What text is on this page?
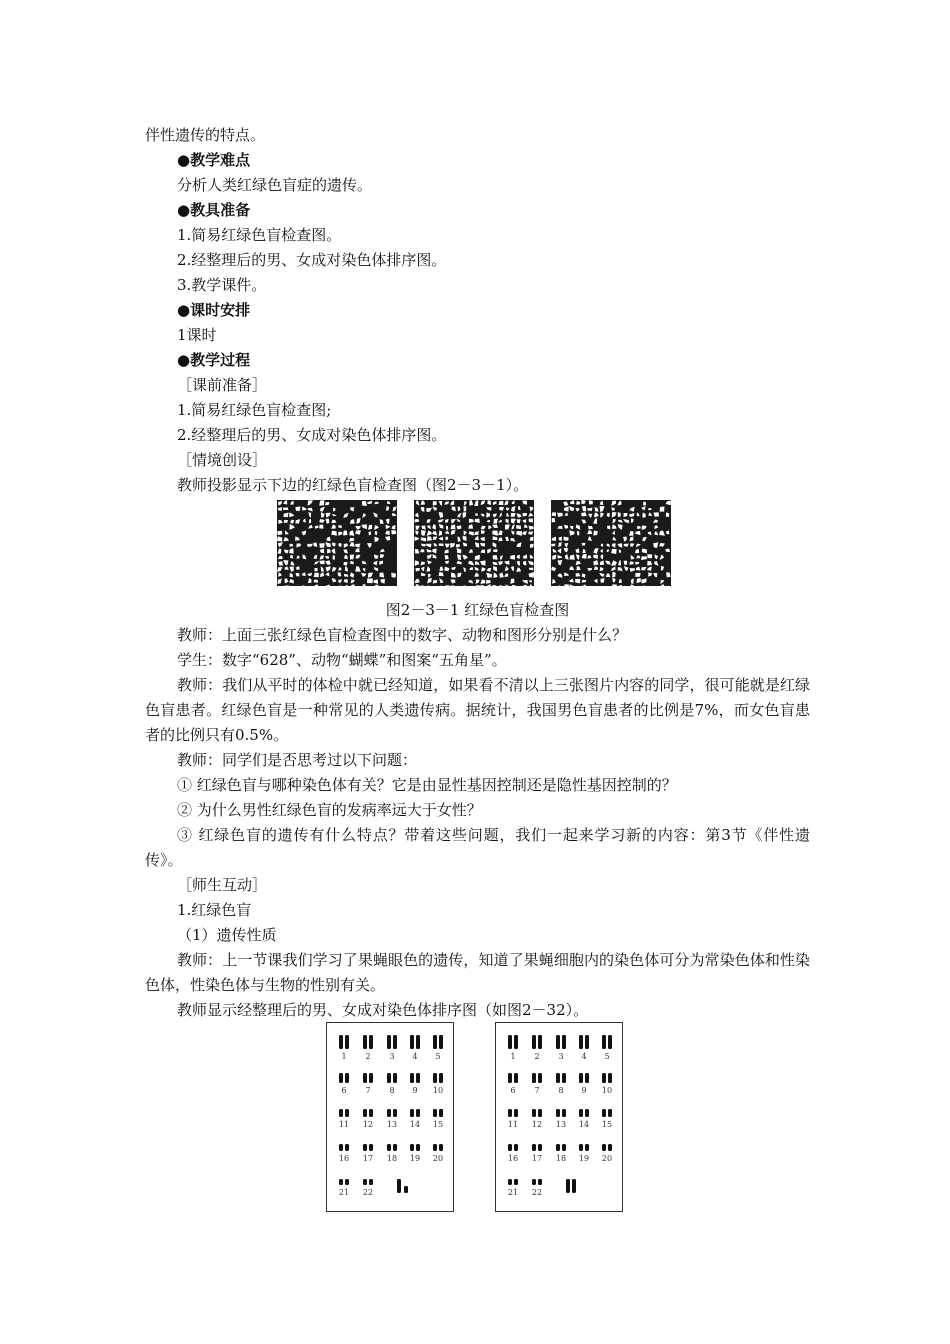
伴性遗传的特点。
●教学难点
分析人类红绿色盲症的遗传。
●教具准备
1.简易红绿色盲检查图。
2.经整理后的男、女成对染色体排序图。
3.教学课件。
●课时安排
1课时
●教学过程
［课前准备］
1.简易红绿色盲检查图;
2.经整理后的男、女成对染色体排序图。
［情境创设］
教师投影显示下边的红绿色盲检查图（图2－3－1）。
图2－3－1 红绿色盲检查图
教师：上面三张红绿色盲检查图中的数字、动物和图形分别是什么？
学生：数字“628”、动物“蝴蝶”和图案“五角星”。
教师：我们从平时的体检中就已经知道，如果看不清以上三张图片内容的同学，很可能就是红绿色盲患者。红绿色盲是一种常见的人类遗传病。据统计，我国男色盲患者的比例是7%，而女色盲患者的比例只有0.5%。
教师：同学们是否思考过以下问题：
① 红绿色盲与哪种染色体有关？它是由显性基因控制还是隐性基因控制的？
② 为什么男性红绿色盲的发病率远大于女性？
③ 红绿色盲的遗传有什么特点？带着这些问题，我们一起来学习新的内容：第3节《伴性遗传》。
［师生互动］
1.红绿色盲
（1）遗传性质
教师：上一节课我们学习了果蝇眼色的遗传，知道了果蝇细胞内的染色体可分为常染色体和性染色体，性染色体与生物的性别有关。
教师显示经整理后的男、女成对染色体排序图（如图2－32）。
1 2 3 4 5
6 7 8 9 10
11 12 13 14 15
16 17 18 19 20
21 22
1 2 3 4 5
6 7 8 9 10
11 12 13 14 15
16 17 18 19 20
21 22
